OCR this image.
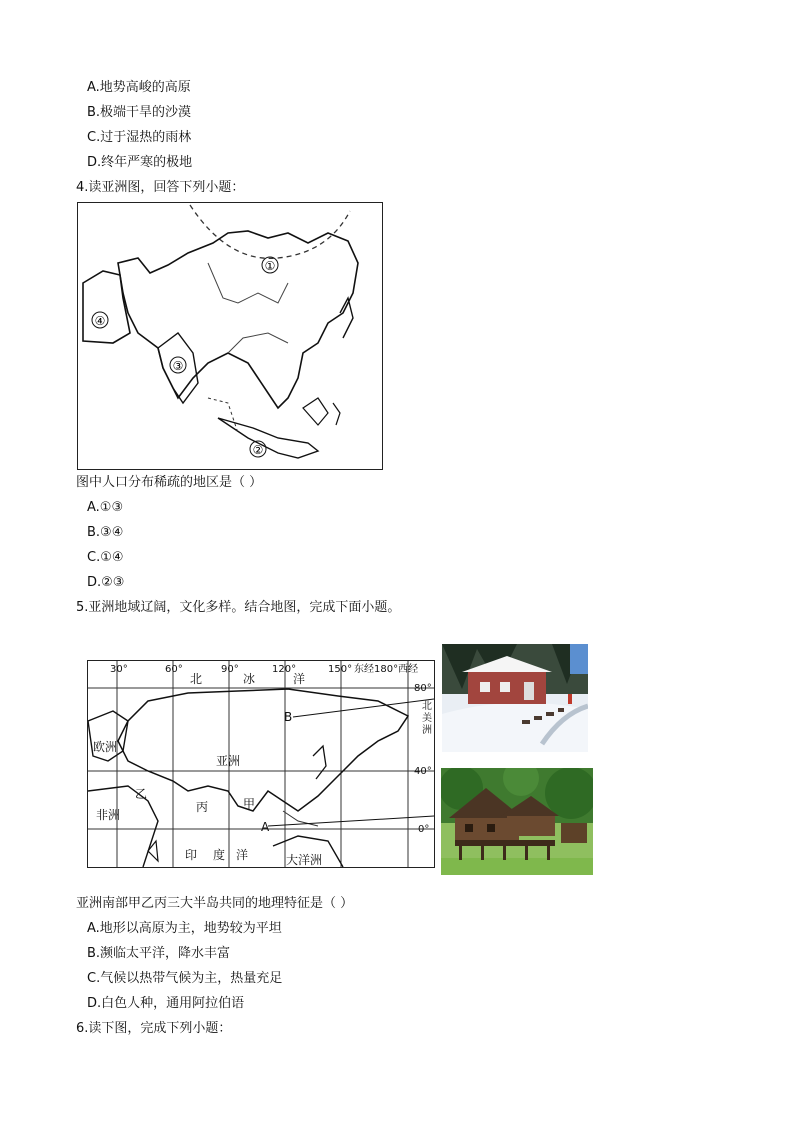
A.地势高峻的高原
B.极端干旱的沙漠
C.过于湿热的雨林
D.终年严寒的极地
4.读亚洲图，回答下列小题：
①
②
③
④
图中人口分布稀疏的地区是（ ）
A.①③
B.③④
C.①④
D.②③
5.亚洲地域辽阔，文化多样。结合地图，完成下面小题。
30°	60°	90°	120°	150° 东经180°西经
80°
40°
0°
北	冰	洋
欧洲
亚洲
非洲
印 度 洋	大洋洲
北
美
洲
B
A
乙
丙	甲
亚洲南部甲乙丙三大半岛共同的地理特征是（ ）
A.地形以高原为主，地势较为平坦
B.濒临太平洋，降水丰富
C.气候以热带气候为主，热量充足
D.白色人种，通用阿拉伯语
6.读下图，完成下列小题：
